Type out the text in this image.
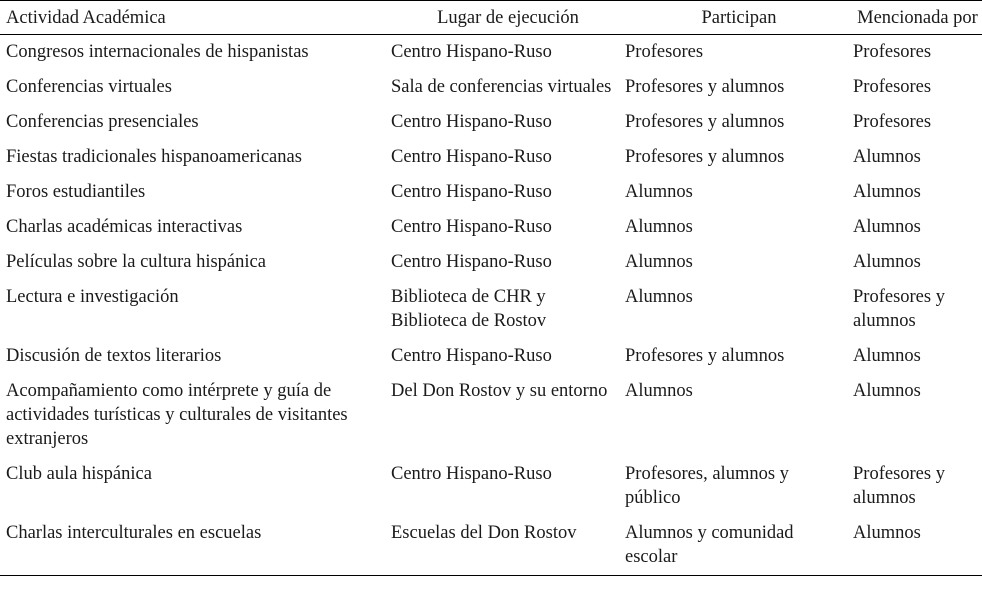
Actividad Académica	Lugar de ejecución	Participan	Mencionada por
Congresos internacionales de hispanistas	Centro Hispano-Ruso	Profesores	Profesores
Conferencias virtuales	Sala de conferencias virtuales	Profesores y alumnos	Profesores
Conferencias presenciales	Centro Hispano-Ruso	Profesores y alumnos	Profesores
Fiestas tradicionales hispanoamericanas	Centro Hispano-Ruso	Profesores y alumnos	Alumnos
Foros estudiantiles	Centro Hispano-Ruso	Alumnos	Alumnos
Charlas académicas interactivas	Centro Hispano-Ruso	Alumnos	Alumnos
Películas sobre la cultura hispánica	Centro Hispano-Ruso	Alumnos	Alumnos
Lectura e investigación	Biblioteca de CHR y Biblioteca de Rostov	Alumnos	Profesores y alumnos
Discusión de textos literarios	Centro Hispano-Ruso	Profesores y alumnos	Alumnos
Acompañamiento como intérprete y guía de actividades turísticas y culturales de visitantes extranjeros	Del Don Rostov y su entorno	Alumnos	Alumnos
Club aula hispánica	Centro Hispano-Ruso	Profesores, alumnos y público	Profesores y alumnos
Charlas interculturales en escuelas	Escuelas del Don Rostov	Alumnos y comunidad escolar	Alumnos
